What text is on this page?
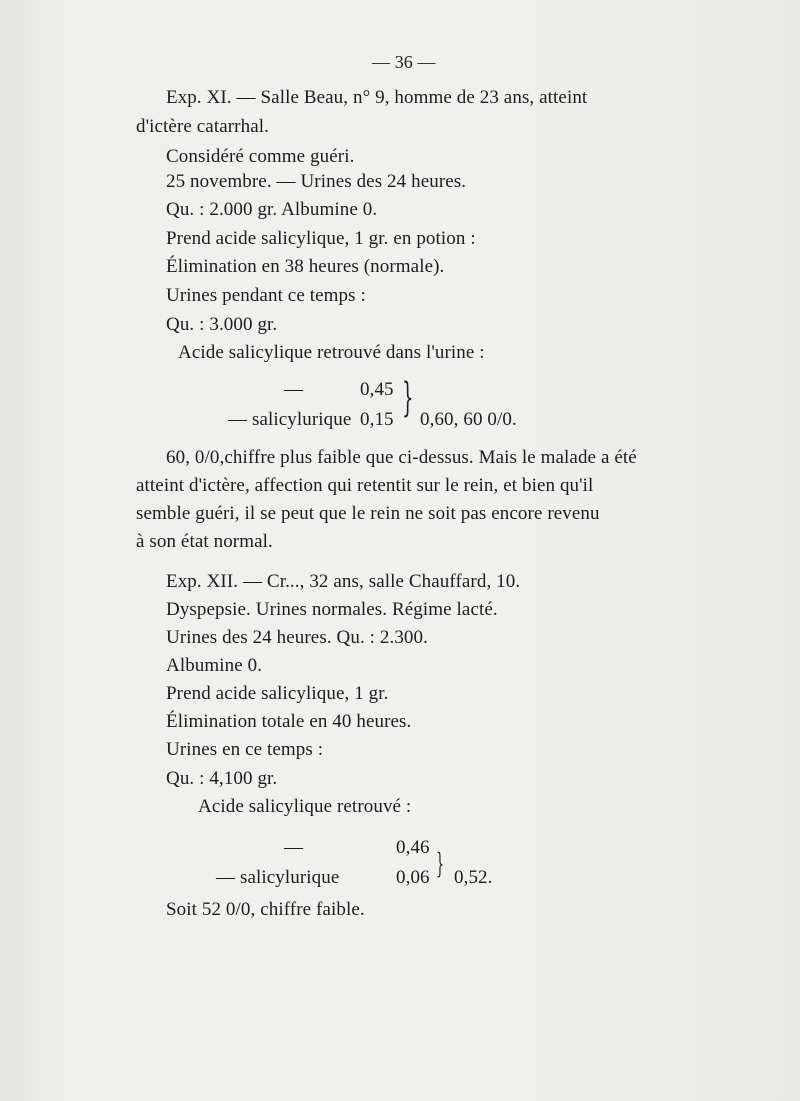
— 36 —
Exp. XI. — Salle Beau, n° 9, homme de 23 ans, atteint
d'ictère catarrhal.
Considéré comme guéri.
25 novembre. — Urines des 24 heures.
Qu. : 2.000 gr. Albumine 0.
Prend acide salicylique, 1 gr. en potion :
Élimination en 38 heures (normale).
Urines pendant ce temps :
Qu. : 3.000 gr.
Acide salicylique retrouvé dans l'urine :
—	0,45
— salicylurique 0,15 } 0,60, 60 0/0.
60, 0/0,chiffre plus faible que ci-dessus. Mais le malade a été
atteint d'ictère, affection qui retentit sur le rein, et bien qu'il
semble guéri, il se peut que le rein ne soit pas encore revenu
à son état normal.
Exp. XII. — Cr..., 32 ans, salle Chauffard, 10.
Dyspepsie. Urines normales. Régime lacté.
Urines des 24 heures. Qu. : 2.300.
Albumine 0.
Prend acide salicylique, 1 gr.
Élimination totale en 40 heures.
Urines en ce temps :
Qu. : 4,100 gr.
Acide salicylique retrouvé :
—	0,46
— salicylurique	0,06 } 0,52.
Soit 52 0/0, chiffre faible.
